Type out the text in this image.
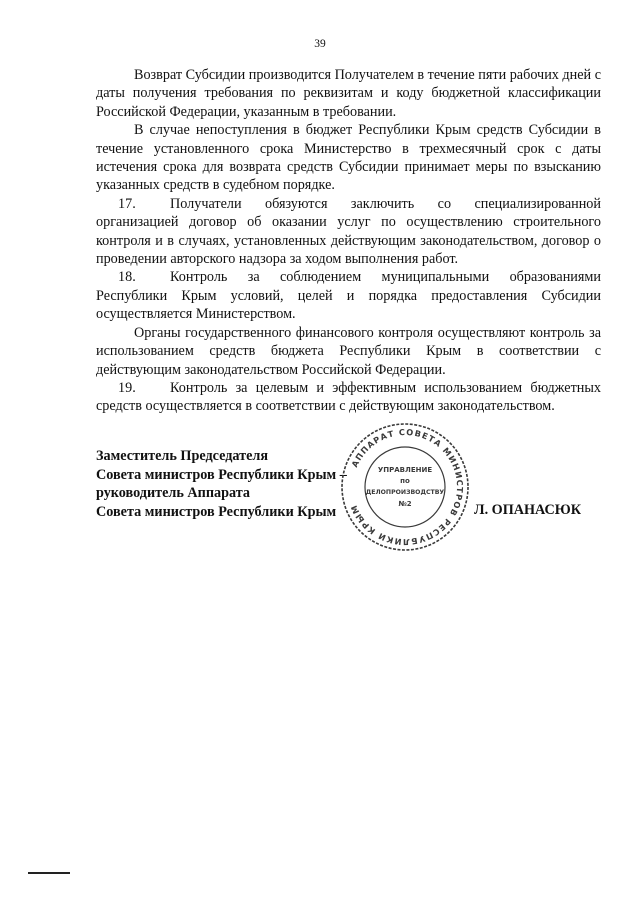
39

Возврат Субсидии производится Получателем в течение пяти рабочих дней с даты получения требования по реквизитам и коду бюджетной классификации Российской Федерации, указанным в требовании.

В случае непоступления в бюджет Республики Крым средств Субсидии в течение установленного срока Министерство в трехмесячный срок с даты истечения срока для возврата средств Субсидии принимает меры по взысканию указанных средств в судебном порядке.

17. Получатели обязуются заключить со специализированной организацией договор об оказании услуг по осуществлению строительного контроля и в случаях, установленных действующим законодательством, договор о проведении авторского надзора за ходом выполнения работ.

18. Контроль за соблюдением муниципальными образованиями Республики Крым условий, целей и порядка предоставления Субсидии осуществляется Министерством.

Органы государственного финансового контроля осуществляют контроль за использованием средств бюджета Республики Крым в соответствии с действующим законодательством Российской Федерации.

19. Контроль за целевым и эффективным использованием бюджетных средств осуществляется в соответствии с действующим законодательством.

Заместитель Председателя
Совета министров Республики Крым –
руководитель Аппарата
Совета министров Республики Крым
АППАРАТ СОВЕТА МИНИСТРОВ РЕСПУБЛИКИ КРЫМ
УПРАВЛЕНИЕ
по
ДЕЛОПРОИЗВОДСТВУ
№2	Л. ОПАНАСЮК
